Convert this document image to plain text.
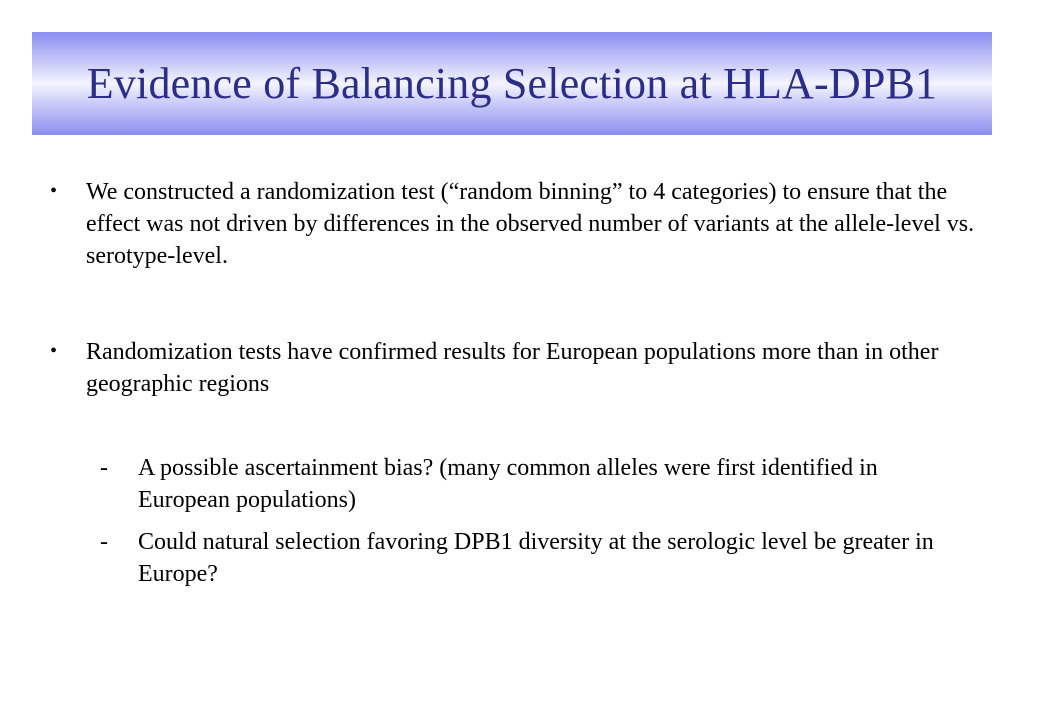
Evidence of Balancing Selection at HLA-DPB1
• We constructed a randomization test (“random binning” to 4 categories) to ensure that the effect was not driven by differences in the observed number of variants at the allele-level vs. serotype-level.
• Randomization tests have confirmed results for European populations more than in other geographic regions
- A possible ascertainment bias? (many common alleles were first identified in European populations)
- Could natural selection favoring DPB1 diversity at the serologic level be greater in Europe?
